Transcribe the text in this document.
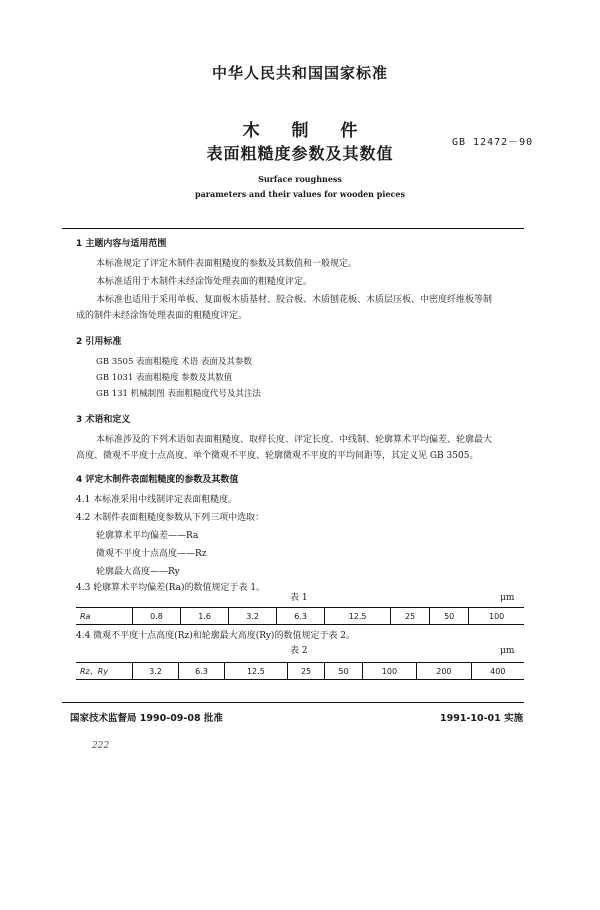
中华人民共和国国家标准
木 制 件
表面粗糙度参数及其数值
GB 12472－90
Surface roughness
parameters and their values for wooden pieces
1 主题内容与适用范围
本标准规定了评定木制件表面粗糙度的参数及其数值和一般规定。
本标准适用于木制件未经涂饰处理表面的粗糙度评定。
本标准也适用于采用单板、复面板木质基材、胶合板、木质刨花板、木质层压板、中密度纤维板等制
成的制件未经涂饰处理表面的粗糙度评定。
2 引用标准
GB 3505 表面粗糙度 术语 表面及其参数
GB 1031 表面粗糙度 参数及其数值
GB 131 机械制图 表面粗糙度代号及其注法
3 术语和定义
本标准涉及的下列术语如表面粗糙度、取样长度、评定长度、中线制、轮廓算术平均偏差、轮廓最大
高度、微观不平度十点高度、单个微观不平度、轮廓微观不平度的平均间距等，其定义见 GB 3505。
4 评定木制件表面粗糙度的参数及其数值
4.1 本标准采用中线制评定表面粗糙度。
4.2 木制件表面粗糙度参数从下列三项中选取：
轮廓算术平均偏差——Ra
微观不平度十点高度——Rz
轮廓最大高度——Ry
4.3 轮廓算术平均偏差(Ra)的数值规定于表 1。
表 1	μm
Ra	0.8	1.6	3.2	6.3	12.5	25	50	100
4.4 微观不平度十点高度(Rz)和轮廓最大高度(Ry)的数值规定于表 2。
表 2	μm
Rz、Ry	3.2	6.3	12.5	25	50	100	200	400
国家技术监督局 1990-09-08 批准	1991-10-01 实施
222
